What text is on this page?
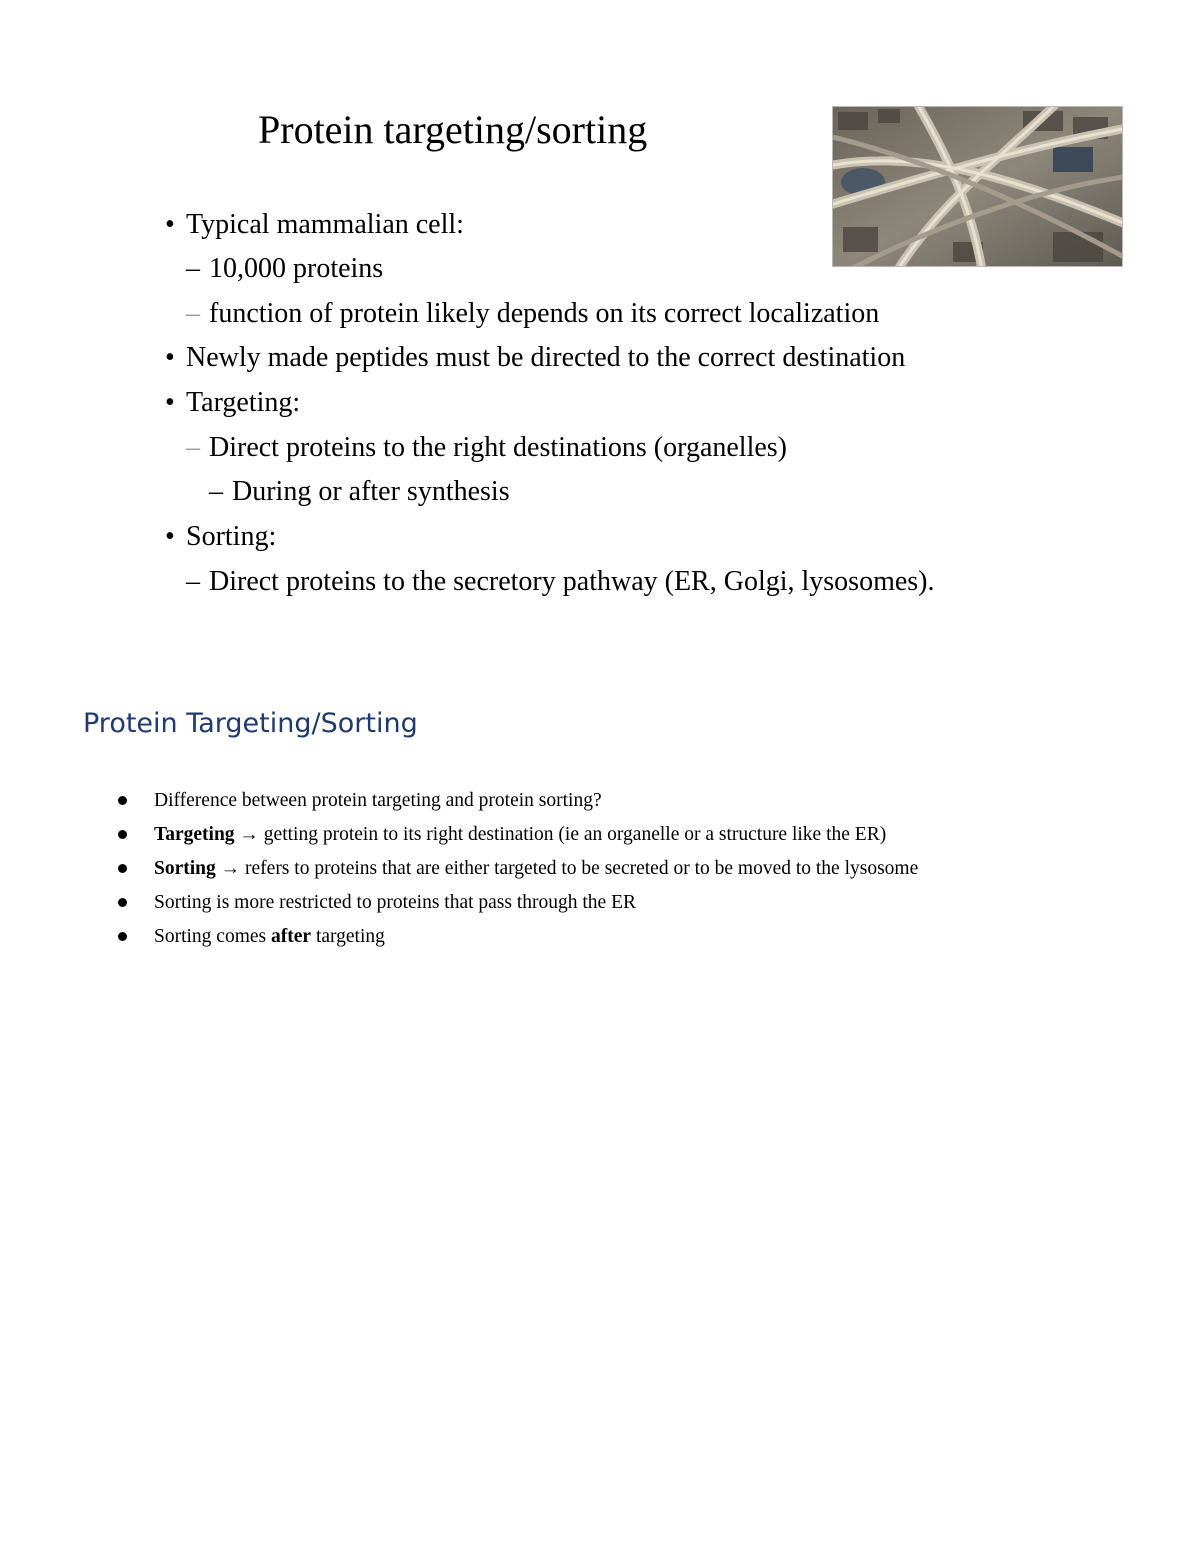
Protein targeting/sorting
• Typical mammalian cell:
– 10,000 proteins
– function of protein likely depends on its correct localization
• Newly made peptides must be directed to the correct destination
• Targeting:
– Direct proteins to the right destinations (organelles)
– During or after synthesis
• Sorting:
– Direct proteins to the secretory pathway (ER, Golgi, lysosomes).
Protein Targeting/Sorting
Difference between protein targeting and protein sorting?
Targeting → getting protein to its right destination (ie an organelle or a structure like the ER)
Sorting → refers to proteins that are either targeted to be secreted or to be moved to the lysosome
Sorting is more restricted to proteins that pass through the ER
Sorting comes after targeting
